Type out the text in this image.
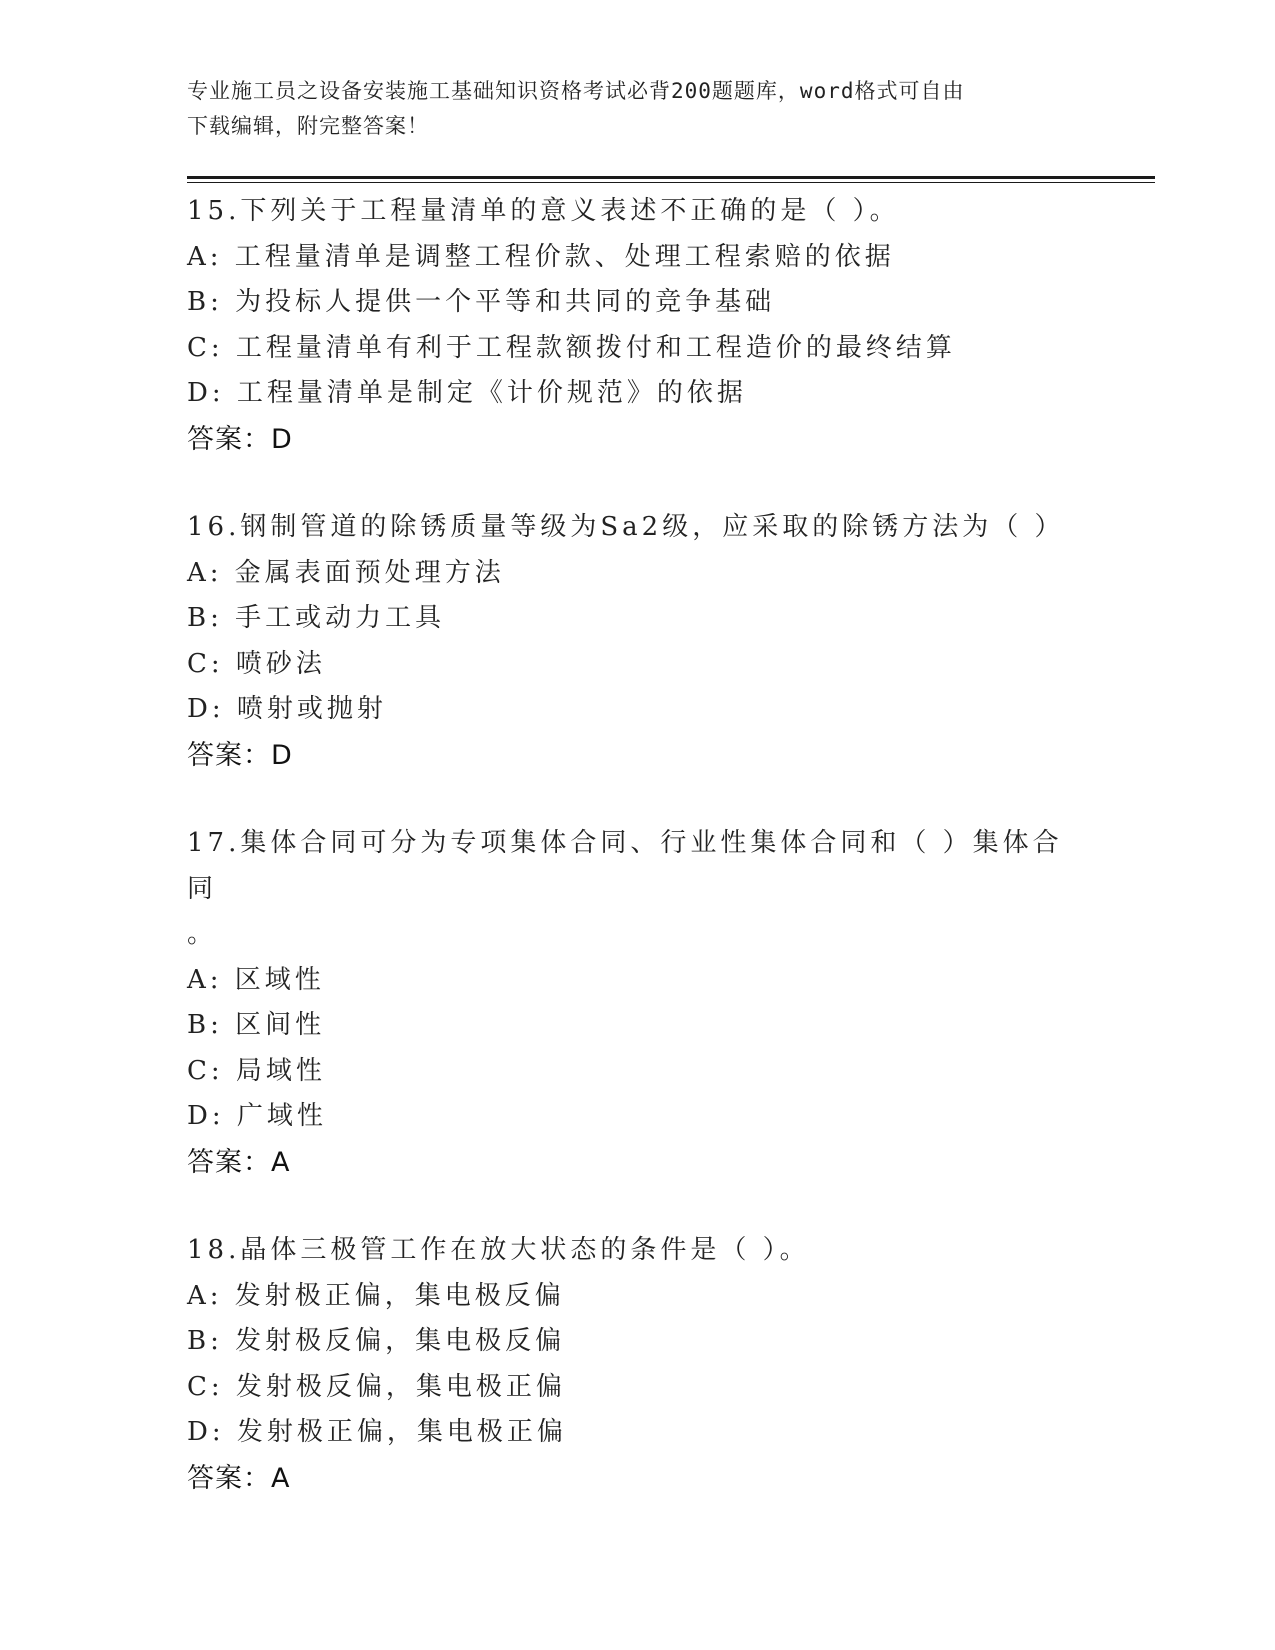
专业施工员之设备安装施工基础知识资格考试必背200题题库，word格式可自由
下载编辑，附完整答案！
15.下列关于工程量清单的意义表述不正确的是（ ）。
A: 工程量清单是调整工程价款、处理工程索赔的依据
B: 为投标人提供一个平等和共同的竞争基础
C: 工程量清单有利于工程款额拨付和工程造价的最终结算
D: 工程量清单是制定《计价规范》的依据
答案：D
16.钢制管道的除锈质量等级为Sa2级，应采取的除锈方法为（ ）
A: 金属表面预处理方法
B: 手工或动力工具
C: 喷砂法
D: 喷射或抛射
答案：D
17.集体合同可分为专项集体合同、行业性集体合同和（ ）集体合同
。
A: 区域性
B: 区间性
C: 局域性
D: 广域性
答案：A
18.晶体三极管工作在放大状态的条件是（ ）。
A: 发射极正偏，集电极反偏
B: 发射极反偏，集电极反偏
C: 发射极反偏，集电极正偏
D: 发射极正偏，集电极正偏
答案：A
